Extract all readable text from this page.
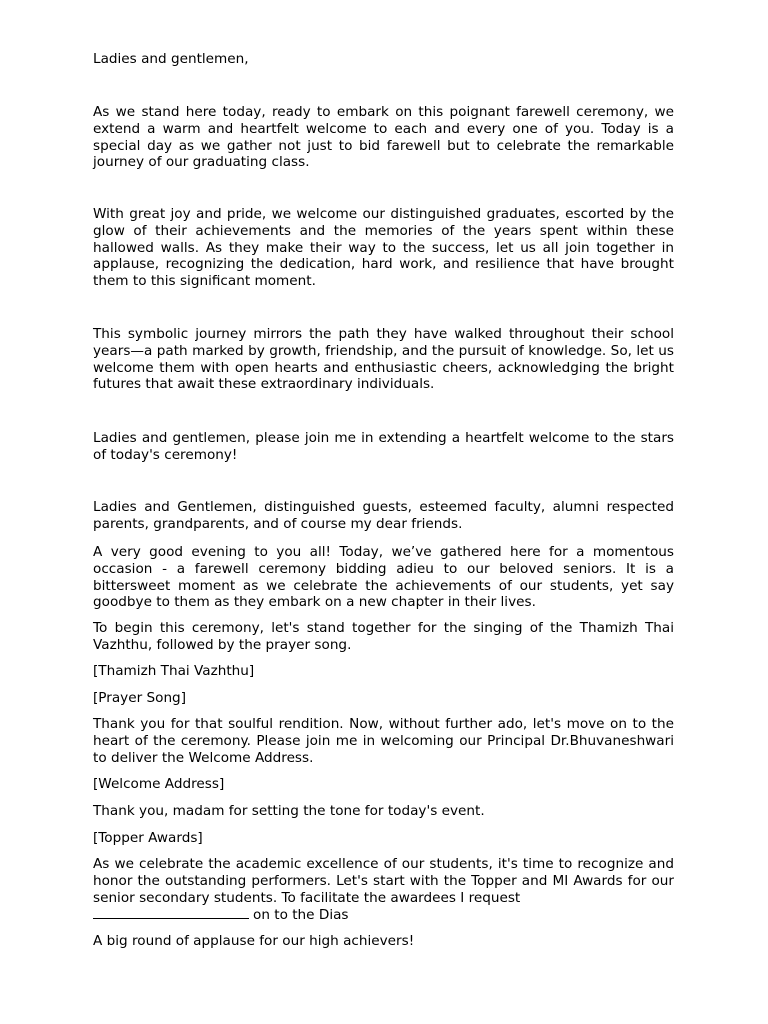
Ladies and gentlemen,

As we stand here today, ready to embark on this poignant farewell ceremony, we extend a warm and heartfelt welcome to each and every one of you. Today is a special day as we gather not just to bid farewell but to celebrate the remarkable journey of our graduating class.

With great joy and pride, we welcome our distinguished graduates, escorted by the glow of their achievements and the memories of the years spent within these hallowed walls. As they make their way to the success, let us all join together in applause, recognizing the dedication, hard work, and resilience that have brought them to this significant moment.

This symbolic journey mirrors the path they have walked throughout their school years—a path marked by growth, friendship, and the pursuit of knowledge. So, let us welcome them with open hearts and enthusiastic cheers, acknowledging the bright futures that await these extraordinary individuals.

Ladies and gentlemen, please join me in extending a heartfelt welcome to the stars of today's ceremony!

Ladies and Gentlemen, distinguished guests, esteemed faculty, alumni respected parents, grandparents, and of course my dear friends.

A very good evening to you all! Today, we’ve gathered here for a momentous occasion - a farewell ceremony bidding adieu to our beloved seniors. It is a bittersweet moment as we celebrate the achievements of our students, yet say goodbye to them as they embark on a new chapter in their lives.

To begin this ceremony, let's stand together for the singing of the Thamizh Thai Vazhthu, followed by the prayer song.

[Thamizh Thai Vazhthu]

[Prayer Song]

Thank you for that soulful rendition. Now, without further ado, let's move on to the heart of the ceremony. Please join me in welcoming our Principal Dr.Bhuvaneshwari to deliver the Welcome Address.

[Welcome Address]

Thank you, madam for setting the tone for today's event.

[Topper Awards]

As we celebrate the academic excellence of our students, it's time to recognize and honor the outstanding performers. Let's start with the Topper and MI Awards for our senior secondary students. To facilitate the awardees I request
on to the Dias

A big round of applause for our high achievers!
